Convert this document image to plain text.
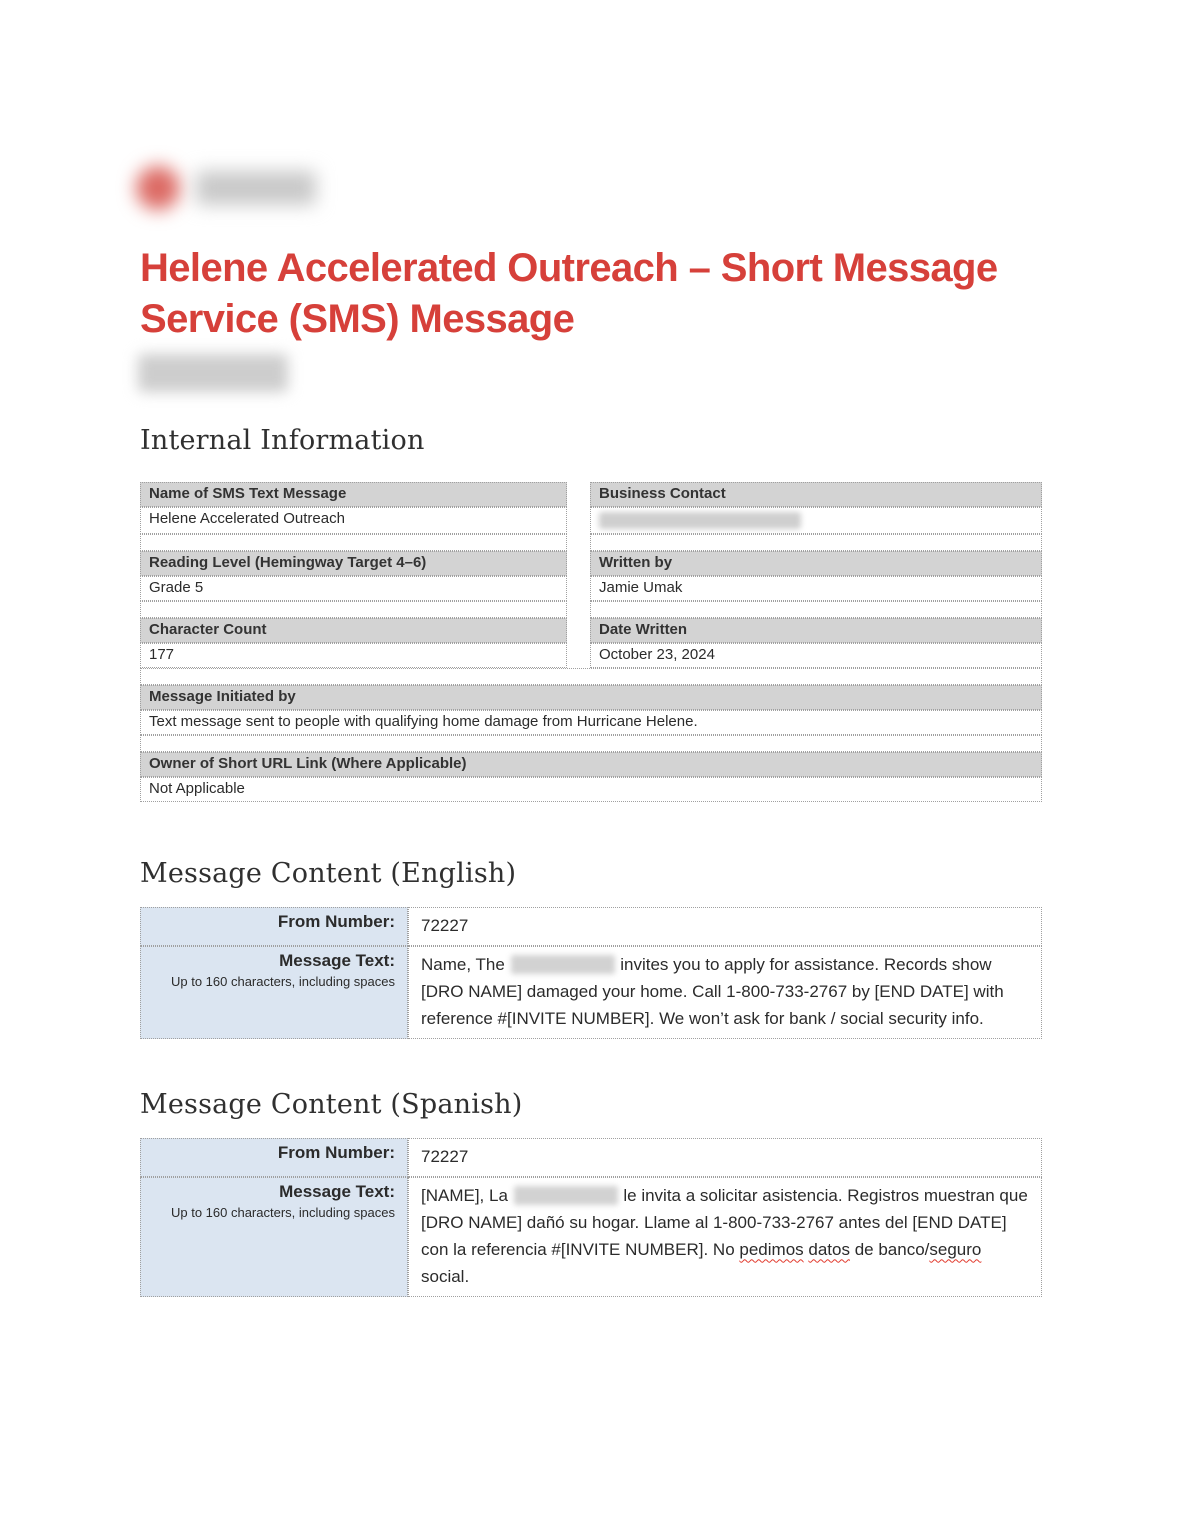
Helene Accelerated Outreach – Short Message Service (SMS) Message
Internal Information
Name of SMS Text Message		Business Contact
Helene Accelerated Outreach		

Reading Level (Hemingway Target 4–6)		Written by
Grade 5		Jamie Umak

Character Count		Date Written
177		October 23, 2024

Message Initiated by		
Text message sent to people with qualifying home damage from Hurricane Helene.		

Owner of Short URL Link (Where Applicable)		
Not Applicable		
Message Content (English)
From Number:	72227

Message Text:
Up to 160 characters, including spaces	Name, The invites you to apply for assistance. Records show [DRO NAME] damaged your home. Call 1-800-733-2767 by [END DATE] with reference #[INVITE NUMBER]. We won’t ask for bank / social security info.
Message Content (Spanish)
From Number:	72227

Message Text:
Up to 160 characters, including spaces	[NAME], La le invita a solicitar asistencia. Registros muestran que [DRO NAME] dañó su hogar. Llame al 1-800-733-2767 antes del [END DATE] con la referencia #[INVITE NUMBER]. No pedimos datos de banco/seguro social.
